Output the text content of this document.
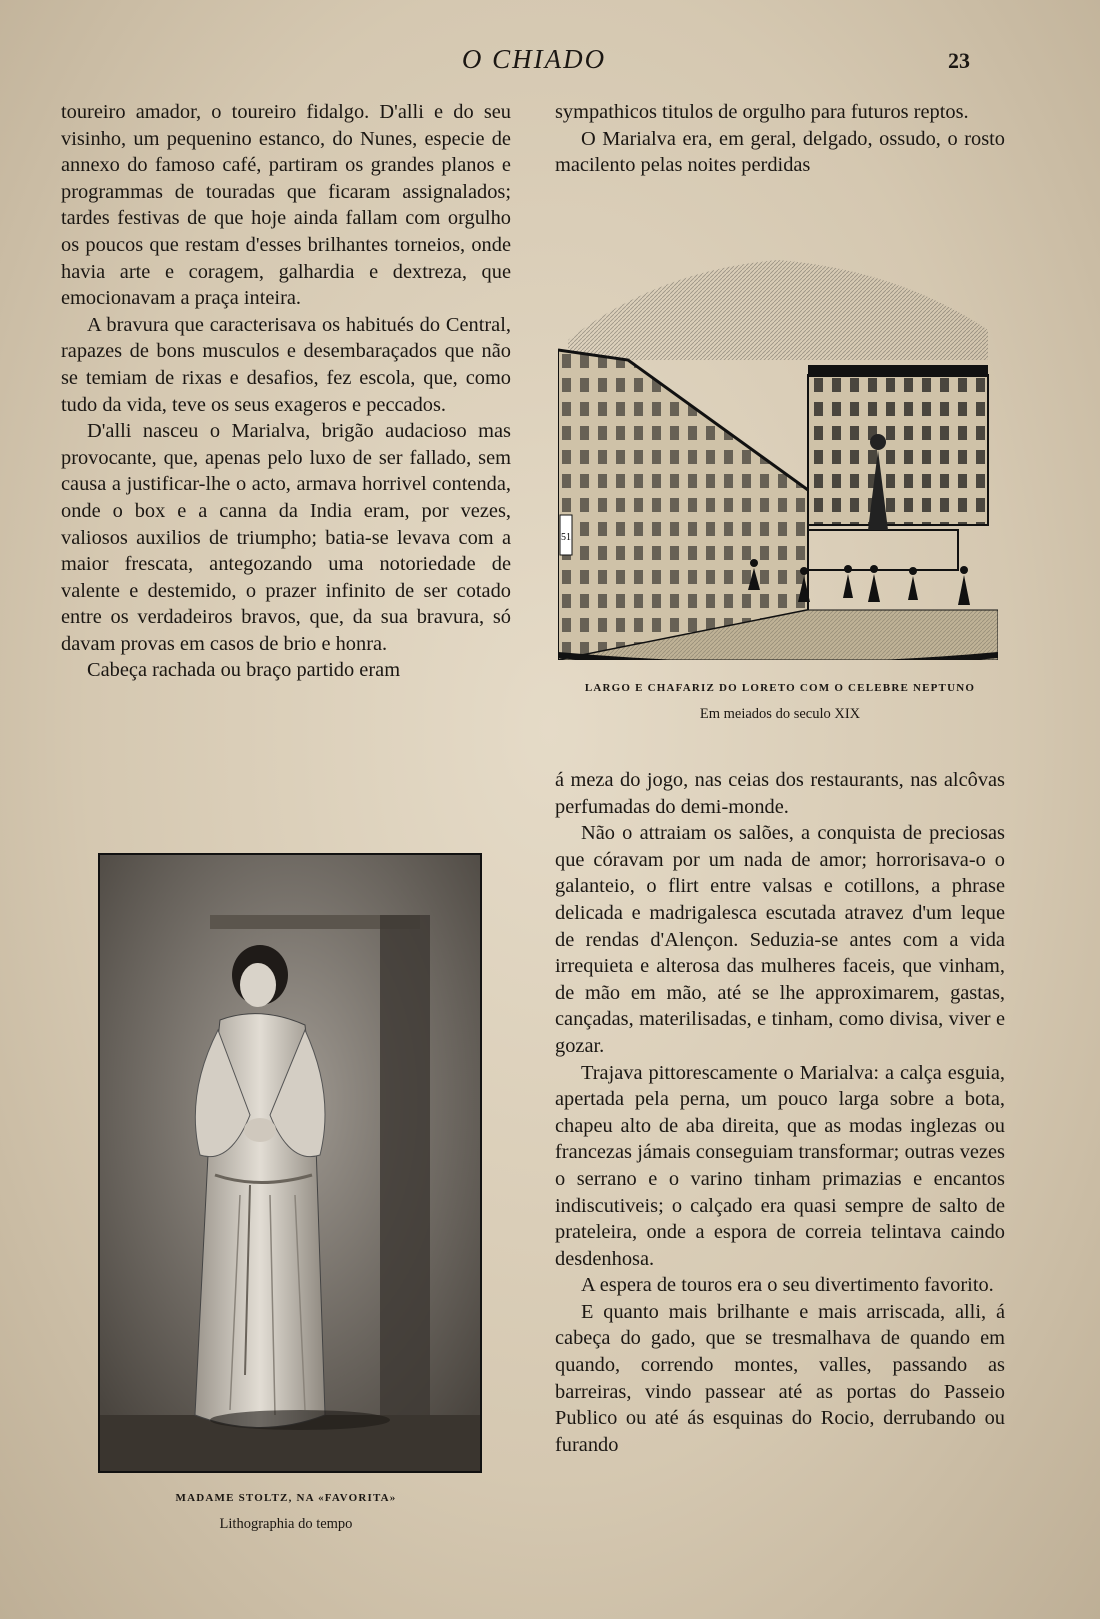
O CHIADO	23

toureiro amador, o toureiro fidalgo. D'alli e do seu visinho, um pequenino estanco, do Nunes, especie de annexo do famoso café, partiram os grandes planos e programmas de touradas que ficaram assignalados; tardes festivas de que hoje ainda fallam com orgulho os poucos que restam d'esses brilhantes torneios, onde havia arte e coragem, galhardia e dextreza, que emocionavam a praça inteira.

A bravura que caracterisava os habitués do Central, rapazes de bons musculos e desembaraçados que não se temiam de rixas e desafios, fez escola, que, como tudo da vida, teve os seus exageros e peccados.

D'alli nasceu o Marialva, brigão audacioso mas provocante, que, apenas pelo luxo de ser fallado, sem causa a justificar-lhe o acto, armava horrivel contenda, onde o box e a canna da India eram, por vezes, valiosos auxilios de triumpho; batia-se levava com a maior frescata, antegozando uma notoriedade de valente e destemido, o prazer infinito de ser cotado entre os verdadeiros bravos, que, da sua bravura, só davam provas em casos de brio e honra.

Cabeça rachada ou braço partido eram

sympathicos titulos de orgulho para futuros reptos.

O Marialva era, em geral, delgado, ossudo, o rosto macilento pelas noites perdidas

51
LARGO E CHAFARIZ DO LORETO COM O CELEBRE NEPTUNO
Em meiados do seculo XIX

á meza do jogo, nas ceias dos restaurants, nas alcôvas perfumadas do demi-monde.

Não o attraiam os salões, a conquista de preciosas que córavam por um nada de amor; horrorisava-o o galanteio, o flirt entre valsas e cotillons, a phrase delicada e madrigalesca escutada atravez d'um leque de rendas d'Alençon. Seduzia-se antes com a vida irrequieta e alterosa das mulheres faceis, que vinham, de mão em mão, até se lhe approximarem, gastas, cançadas, materilisadas, e tinham, como divisa, viver e gozar.

Trajava pittorescamente o Marialva: a calça esguia, apertada pela perna, um pouco larga sobre a bota, chapeu alto de aba direita, que as modas inglezas ou francezas jámais conseguiam transformar; outras vezes o serrano e o varino tinham primazias e encantos indiscutiveis; o calçado era quasi sempre de salto de prateleira, onde a espora de correia telintava caindo desdenhosa.

A espera de touros era o seu divertimento favorito.

E quanto mais brilhante e mais arriscada, alli, á cabeça do gado, que se tresmalhava de quando em quando, correndo montes, valles, passando as barreiras, vindo passear até as portas do Passeio Publico ou até ás esquinas do Rocio, derrubando ou furando

MADAME STOLTZ, NA «FAVORITA»
Lithographia do tempo
